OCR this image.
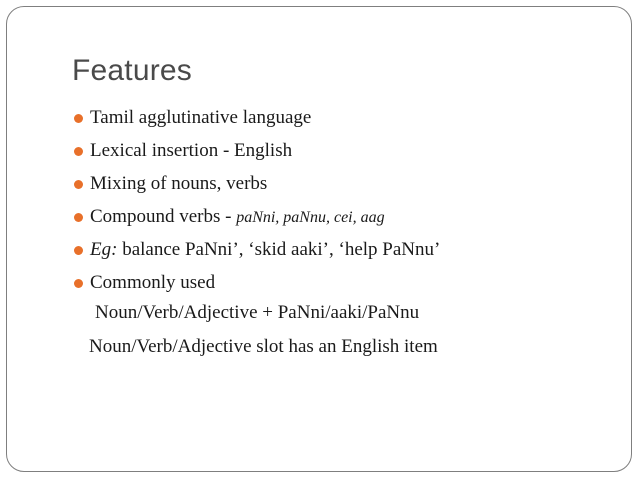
Features
Tamil agglutinative language
Lexical insertion - English
Mixing of nouns, verbs
Compound verbs - paNni, paNnu, cei, aag
Eg: balance PaNni’, ‘skid aaki’, ‘help PaNnu’
Commonly used

Noun/Verb/Adjective + PaNni/aaki/PaNnu

Noun/Verb/Adjective slot has an English item
